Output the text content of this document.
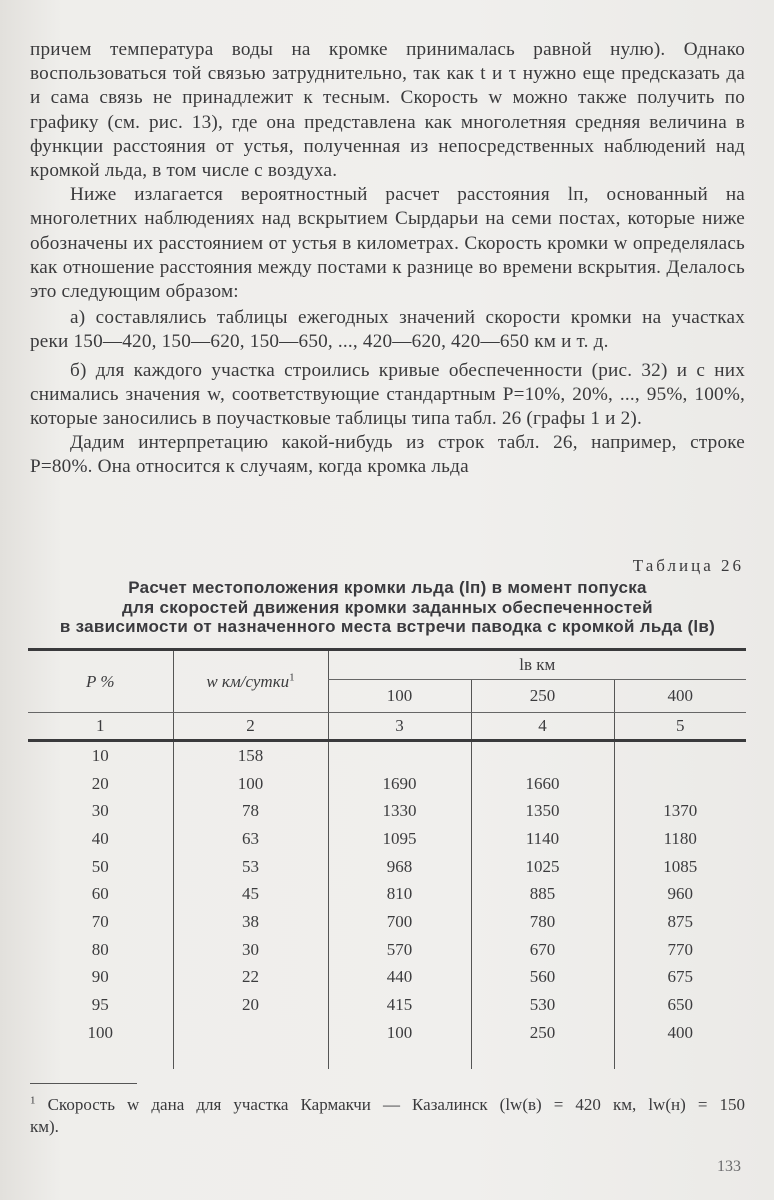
причем температура воды на кромке принималась равной нулю). Однако воспользоваться той связью затруднительно, так как t и τ нужно еще предсказать да и сама связь не принадлежит к тесным. Скорость w можно также получить по графику (см. рис. 13), где она представлена как многолетняя средняя величина в функции расстояния от устья, полученная из непосредственных наблюдений над кромкой льда, в том числе с воздуха.

Ниже излагается вероятностный расчет расстояния lп, основанный на многолетних наблюдениях над вскрытием Сырдарьи на семи постах, которые ниже обозначены их расстоянием от устья в километрах. Скорость кромки w определялась как отношение расстояния между постами к разнице во времени вскрытия. Делалось это следующим образом:

а) составлялись таблицы ежегодных значений скорости кромки на участках реки 150—420, 150—620, 150—650, ..., 420—620, 420—650 км и т. д.

б) для каждого участка строились кривые обеспеченности (рис. 32) и с них снимались значения w, соответствующие стандартным P=10%, 20%, ..., 95%, 100%, которые заносились в поучастковые таблицы типа табл. 26 (графы 1 и 2).

Дадим интерпретацию какой-нибудь из строк табл. 26, например, строке P=80%. Она относится к случаям, когда кромка льда

Таблица 26
Расчет местоположения кромки льда (lп) в момент попуска
для скоростей движения кромки заданных обеспеченностей
в зависимости от назначенного места встречи паводка с кромкой льда (lв)
P %	w км/сутки$^1$	lв км		
		100	250	400
1	2	3	4	5
10	158			
20	100	1690	1660	
30	78	1330	1350	1370
40	63	1095	1140	1180
50	53	968	1025	1085
60	45	810	885	960
70	38	700	780	875
80	30	570	670	770
90	22	440	560	675
95	20	415	530	650
100		100	250	400

$^1$ Скорость w дана для участка Кармакчи — Казалинск (lw(в) = 420 км, lw(н) = 150 км).
133
